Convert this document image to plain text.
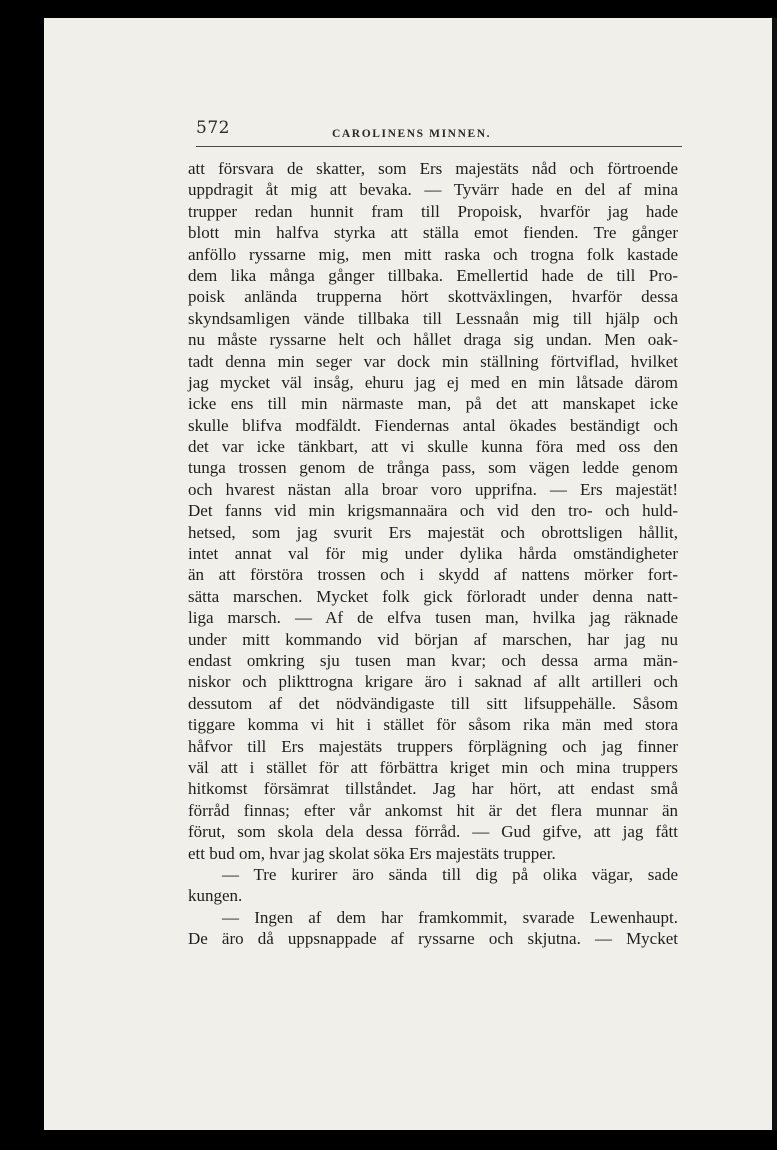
572	CAROLINENS MINNEN.
att försvara de skatter, som Ers majestäts nåd och förtroende
uppdragit åt mig att bevaka. — Tyvärr hade en del af mina
trupper redan hunnit fram till Propoisk, hvarför jag hade
blott min halfva styrka att ställa emot fienden. Tre gånger
anföllo ryssarne mig, men mitt raska och trogna folk kastade
dem lika många gånger tillbaka. Emellertid hade de till Pro-
poisk anlända trupperna hört skottväxlingen, hvarför dessa
skyndsamligen vände tillbaka till Lessnaån mig till hjälp och
nu måste ryssarne helt och hållet draga sig undan. Men oak-
tadt denna min seger var dock min ställning förtviflad, hvilket
jag mycket väl insåg, ehuru jag ej med en min låtsade därom
icke ens till min närmaste man, på det att manskapet icke
skulle blifva modfäldt. Fiendernas antal ökades beständigt och
det var icke tänkbart, att vi skulle kunna föra med oss den
tunga trossen genom de trånga pass, som vägen ledde genom
och hvarest nästan alla broar voro upprifna. — Ers majestät!
Det fanns vid min krigsmannaära och vid den tro- och huld-
hetsed, som jag svurit Ers majestät och obrottsligen hållit,
intet annat val för mig under dylika hårda omständigheter
än att förstöra trossen och i skydd af nattens mörker fort-
sätta marschen. Mycket folk gick förloradt under denna natt-
liga marsch. — Af de elfva tusen man, hvilka jag räknade
under mitt kommando vid början af marschen, har jag nu
endast omkring sju tusen man kvar; och dessa arma män-
niskor och plikttrogna krigare äro i saknad af allt artilleri och
dessutom af det nödvändigaste till sitt lifsuppehälle. Såsom
tiggare komma vi hit i stället för såsom rika män med stora
håfvor till Ers majestäts truppers förplägning och jag finner
väl att i stället för att förbättra kriget min och mina truppers
hitkomst försämrat tillståndet. Jag har hört, att endast små
förråd finnas; efter vår ankomst hit är det flera munnar än
förut, som skola dela dessa förråd. — Gud gifve, att jag fått
ett bud om, hvar jag skolat söka Ers majestäts trupper.
— Tre kurirer äro sända till dig på olika vägar, sade
kungen.
— Ingen af dem har framkommit, svarade Lewenhaupt.
De äro då uppsnappade af ryssarne och skjutna. — Mycket
